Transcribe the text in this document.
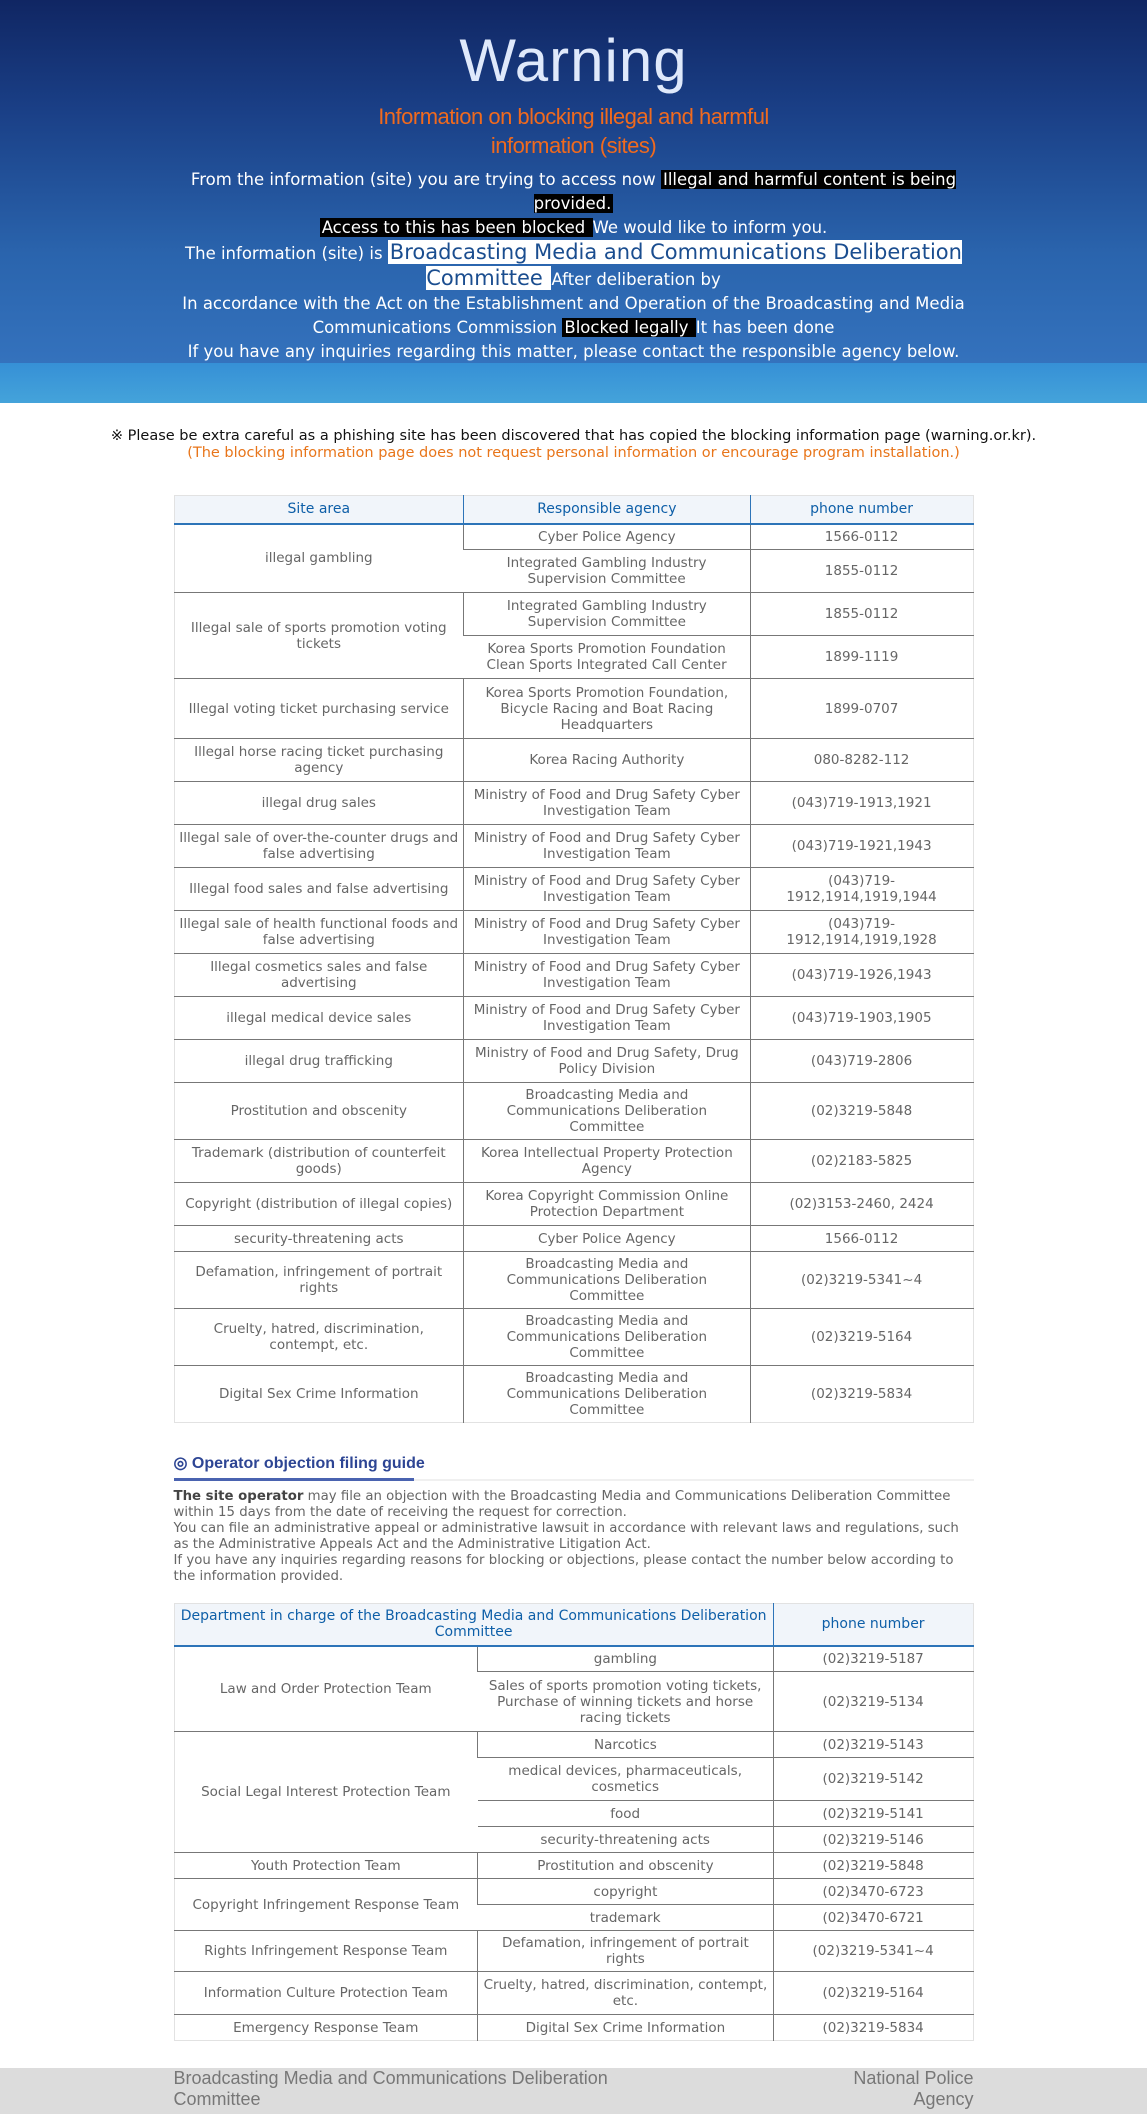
Warning
Information on blocking illegal and harmful information (sites)

From the information (site) you are trying to access now Illegal and harmful content is being provided.

Access to this has been blocked We would like to inform you.

The information (site) is Broadcasting Media and Communications Deliberation Committee After deliberation by

In accordance with the Act on the Establishment and Operation of the Broadcasting and Media Communications Commission Blocked legally It has been done

If you have any inquiries regarding this matter, please contact the responsible agency below.

※ Please be extra careful as a phishing site has been discovered that has copied the blocking information page (warning.or.kr).
(The blocking information page does not request personal information or encourage program installation.)
Site area	Responsible agency	phone number
illegal gambling	Cyber Police Agency	1566-0112
	Integrated Gambling Industry Supervision Committee	1855-0112
Illegal sale of sports promotion voting tickets	Integrated Gambling Industry Supervision Committee	1855-0112
	Korea Sports Promotion Foundation Clean Sports Integrated Call Center	1899-1119
Illegal voting ticket purchasing service	Korea Sports Promotion Foundation, Bicycle Racing and Boat Racing Headquarters	1899-0707
Illegal horse racing ticket purchasing agency	Korea Racing Authority	080-8282-112
illegal drug sales	Ministry of Food and Drug Safety Cyber Investigation Team	(043)719-1913,1921
Illegal sale of over-the-counter drugs and false advertising	Ministry of Food and Drug Safety Cyber Investigation Team	(043)719-1921,1943
Illegal food sales and false advertising	Ministry of Food and Drug Safety Cyber Investigation Team	(043)719-1912,1914,1919,1944
Illegal sale of health functional foods and false advertising	Ministry of Food and Drug Safety Cyber Investigation Team	(043)719-1912,1914,1919,1928
Illegal cosmetics sales and false advertising	Ministry of Food and Drug Safety Cyber Investigation Team	(043)719-1926,1943
illegal medical device sales	Ministry of Food and Drug Safety Cyber Investigation Team	(043)719-1903,1905
illegal drug trafficking	Ministry of Food and Drug Safety, Drug Policy Division	(043)719-2806
Prostitution and obscenity	Broadcasting Media and Communications Deliberation Committee	(02)3219-5848
Trademark (distribution of counterfeit goods)	Korea Intellectual Property Protection Agency	(02)2183-5825
Copyright (distribution of illegal copies)	Korea Copyright Commission Online Protection Department	(02)3153-2460, 2424
security-threatening acts	Cyber Police Agency	1566-0112
Defamation, infringement of portrait rights	Broadcasting Media and Communications Deliberation Committee	(02)3219-5341~4
Cruelty, hatred, discrimination, contempt, etc.	Broadcasting Media and Communications Deliberation Committee	(02)3219-5164
Digital Sex Crime Information	Broadcasting Media and Communications Deliberation Committee	(02)3219-5834
◎ Operator objection filing guide

The site operator may file an objection with the Broadcasting Media and Communications Deliberation Committee within 15 days from the date of receiving the request for correction.

You can file an administrative appeal or administrative lawsuit in accordance with relevant laws and regulations, such as the Administrative Appeals Act and the Administrative Litigation Act.

If you have any inquiries regarding reasons for blocking or objections, please contact the number below according to the information provided.

Department in charge of the Broadcasting Media and Communications Deliberation Committee		phone number
Law and Order Protection Team	gambling	(02)3219-5187
	Sales of sports promotion voting tickets, Purchase of winning tickets and horse racing tickets	(02)3219-5134
Social Legal Interest Protection Team	Narcotics	(02)3219-5143
	medical devices, pharmaceuticals, cosmetics	(02)3219-5142
	food	(02)3219-5141
	security-threatening acts	(02)3219-5146
Youth Protection Team	Prostitution and obscenity	(02)3219-5848
Copyright Infringement Response Team	copyright	(02)3470-6723
	trademark	(02)3470-6721
Rights Infringement Response Team	Defamation, infringement of portrait rights	(02)3219-5341~4
Information Culture Protection Team	Cruelty, hatred, discrimination, contempt, etc.	(02)3219-5164
Emergency Response Team	Digital Sex Crime Information	(02)3219-5834
Broadcasting Media and Communications Deliberation Committee
National Police Agency
